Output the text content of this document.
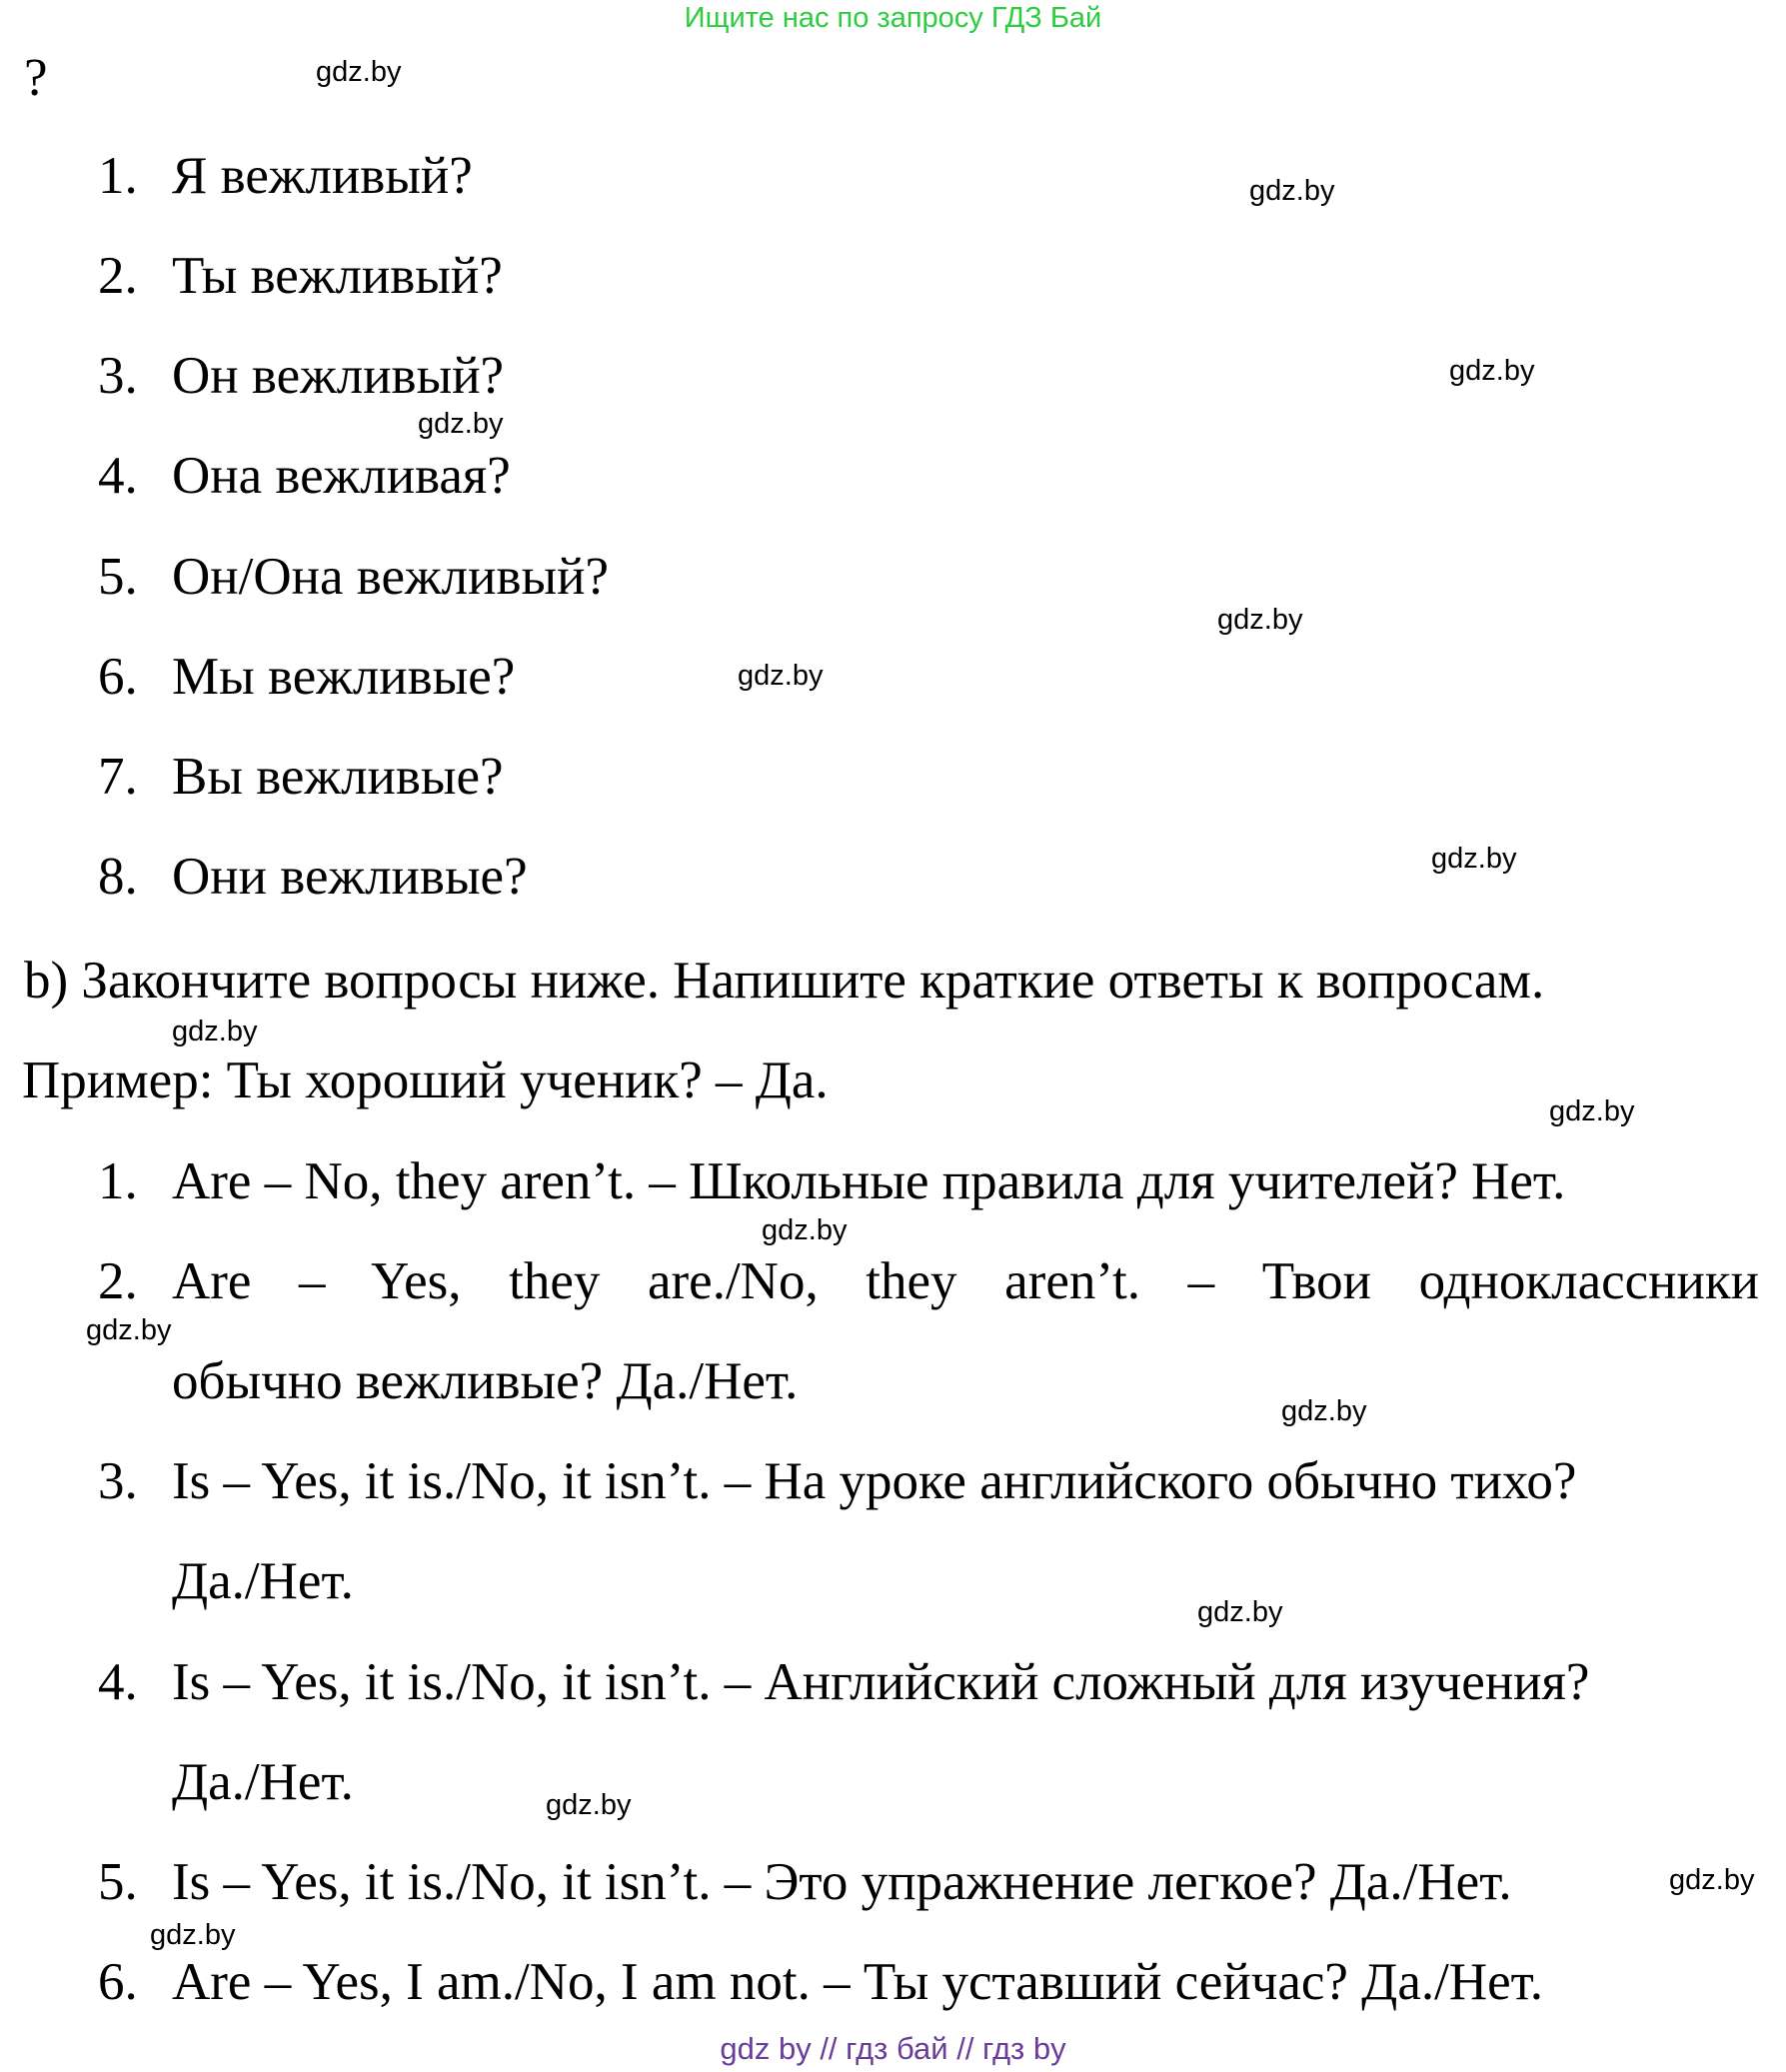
Ищите нас по запросу ГДЗ Бай
?
1. Я вежливый?
2. Ты вежливый?
3. Он вежливый?
4. Она вежливая?
5. Он/Она вежливый?
6. Мы вежливые?
7. Вы вежливые?
8. Они вежливые?
b) Закончите вопросы ниже. Напишите краткие ответы к вопросам.
Пример: Ты хороший ученик? – Да.
1. Are – No, they aren’t. – Школьные правила для учителей? Нет.
2. Are – Yes, they are./No, they aren’t. – Твои одноклассники
обычно вежливые? Да./Нет.
3. Is – Yes, it is./No, it isn’t. – На уроке английского обычно тихо?
Да./Нет.
4. Is – Yes, it is./No, it isn’t. – Английский сложный для изучения?
Да./Нет.
5. Is – Yes, it is./No, it isn’t. – Это упражнение легкое? Да./Нет.
6. Are – Yes, I am./No, I am not. – Ты уставший сейчас? Да./Нет.
gdz.by
gdz.by
gdz.by
gdz.by
gdz.by
gdz.by
gdz.by
gdz.by
gdz.by
gdz.by
gdz.by
gdz.by
gdz.by
gdz.by
gdz.by
gdz.by
gdz by // гдз бай // гдз by
